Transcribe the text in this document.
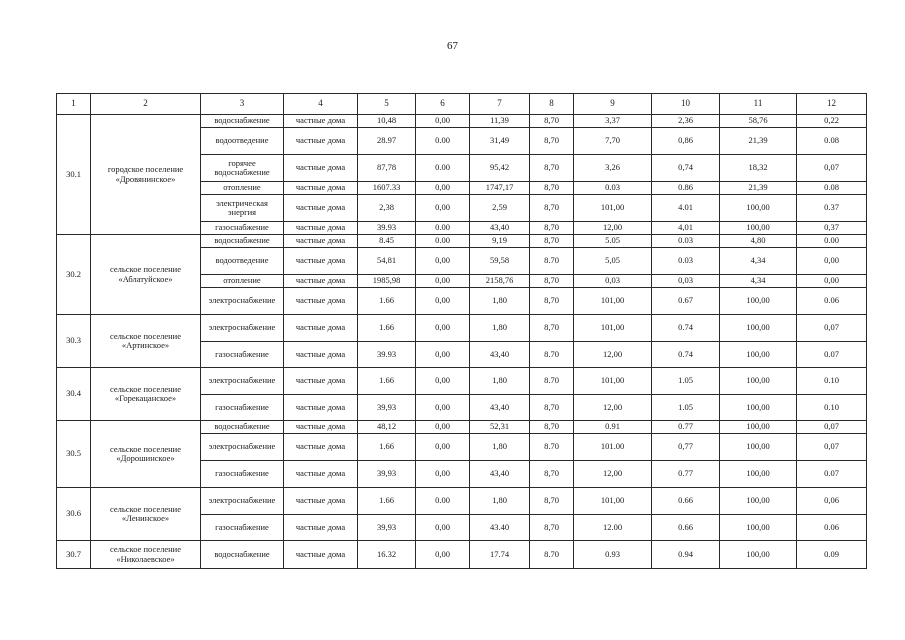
67
1	2	3	4	5	6	7	8	9	10	11	12
30.1	городское поселение «Дровянинское»	водоснабжение	частные дома	10,48	0,00	11,39	8,70	3,37	2,36	58,76	0,22
		водоотведение	частные дома	28.97	0.00	31,49	8,70	7,70	0,86	21,39	0.08
		горячее водоснабжение	частные дома	87,78	0.00	95,42	8,70	3,26	0,74	18,32	0,07
		отопление	частные дома	1607.33	0,00	1747,17	8,70	0.03	0.86	21,39	0.08
		электрическая энергия	частные дома	2,38	0,00	2,59	8,70	101,00	4.01	100,00	0.37
		газоснабжение	частные дома	39.93	0.00	43,40	8,70	12,00	4,01	100,00	0,37
30.2	сельское поселение «Аблатуйское»	водоснабжение	частные дома	8.45	0.00	9,19	8,70	5.05	0.03	4,80	0.00
		водоотведение	частные дома	54,81	0,00	59,58	8.70	5,05	0.03	4,34	0,00
		отопление	частные дома	1985,98	0,00	2158,76	8,70	0,03	0,03	4,34	0,00
		электроснабжение	частные дома	1.66	0,00	1,80	8,70	101,00	0.67	100,00	0.06
30.3	сельское поселение «Артинское»	электроснабжение	частные дома	1.66	0,00	1,80	8,70	101,00	0.74	100,00	0,07
		газоснабжение	частные дома	39.93	0,00	43,40	8.70	12,00	0.74	100,00	0.07
30.4	сельское поселение «Горекацанское»	электроснабжение	частные дома	1.66	0,00	1,80	8.70	101,00	1.05	100,00	0.10
		газоснабжение	частные дома	39,93	0,00	43,40	8,70	12,00	1.05	100,00	0.10
30.5	сельское поселение «Дорошинское»	водоснабжение	частные дома	48,12	0,00	52,31	8,70	0.91	0.77	100,00	0,07
		электроснабжение	частные дома	1.66	0,00	1,80	8.70	101.00	0,77	100,00	0,07
		газоснабжение	частные дома	39,93	0,00	43,40	8,70	12,00	0.77	100,00	0.07
30.6	сельское поселение «Ленинское»	электроснабжение	частные дома	1.66	0.00	1,80	8,70	101,00	0.66	100,00	0,06
		газоснабжение	частные дома	39,93	0,00	43.40	8,70	12.00	0.66	100,00	0.06
30.7	сельское поселение «Николаевское»	водоснабжение	частные дома	16.32	0,00	17.74	8.70	0.93	0.94	100,00	0.09
